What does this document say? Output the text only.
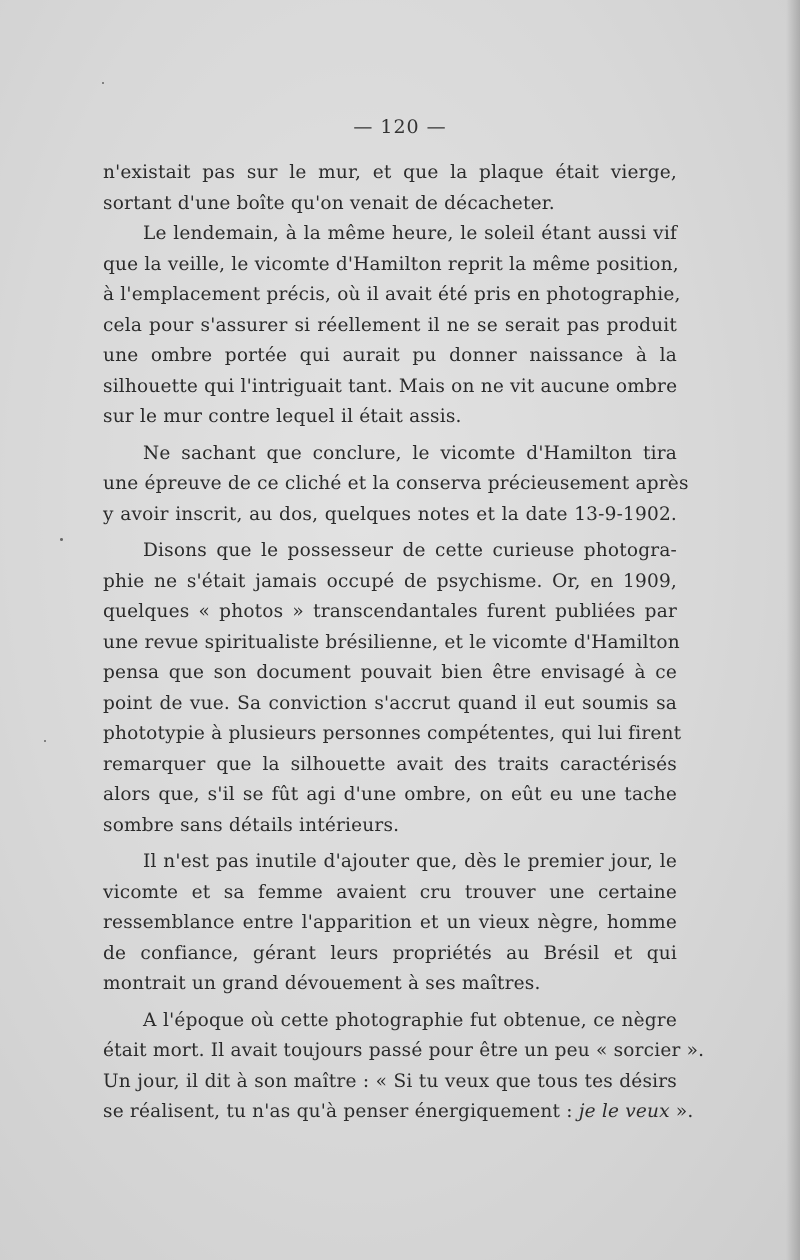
— 120 —
n'existait pas sur le mur, et que la plaque était vierge,
sortant d'une boîte qu'on venait de décacheter.
Le lendemain, à la même heure, le soleil étant aussi vif
que la veille, le vicomte d'Hamilton reprit la même position,
à l'emplacement précis, où il avait été pris en photographie,
cela pour s'assurer si réellement il ne se serait pas produit
une ombre portée qui aurait pu donner naissance à la
silhouette qui l'intriguait tant. Mais on ne vit aucune ombre
sur le mur contre lequel il était assis.
Ne sachant que conclure, le vicomte d'Hamilton tira
une épreuve de ce cliché et la conserva précieusement après
y avoir inscrit, au dos, quelques notes et la date 13-9-1902.
Disons que le possesseur de cette curieuse photogra-
phie ne s'était jamais occupé de psychisme. Or, en 1909,
quelques « photos » transcendantales furent publiées par
une revue spiritualiste brésilienne, et le vicomte d'Hamilton
pensa que son document pouvait bien être envisagé à ce
point de vue. Sa conviction s'accrut quand il eut soumis sa
phototypie à plusieurs personnes compétentes, qui lui firent
remarquer que la silhouette avait des traits caractérisés
alors que, s'il se fût agi d'une ombre, on eût eu une tache
sombre sans détails intérieurs.
Il n'est pas inutile d'ajouter que, dès le premier jour, le
vicomte et sa femme avaient cru trouver une certaine
ressemblance entre l'apparition et un vieux nègre, homme
de confiance, gérant leurs propriétés au Brésil et qui
montrait un grand dévouement à ses maîtres.
A l'époque où cette photographie fut obtenue, ce nègre
était mort. Il avait toujours passé pour être un peu « sorcier ».
Un jour, il dit à son maître : « Si tu veux que tous tes désirs
se réalisent, tu n'as qu'à penser énergiquement : je le veux ».
